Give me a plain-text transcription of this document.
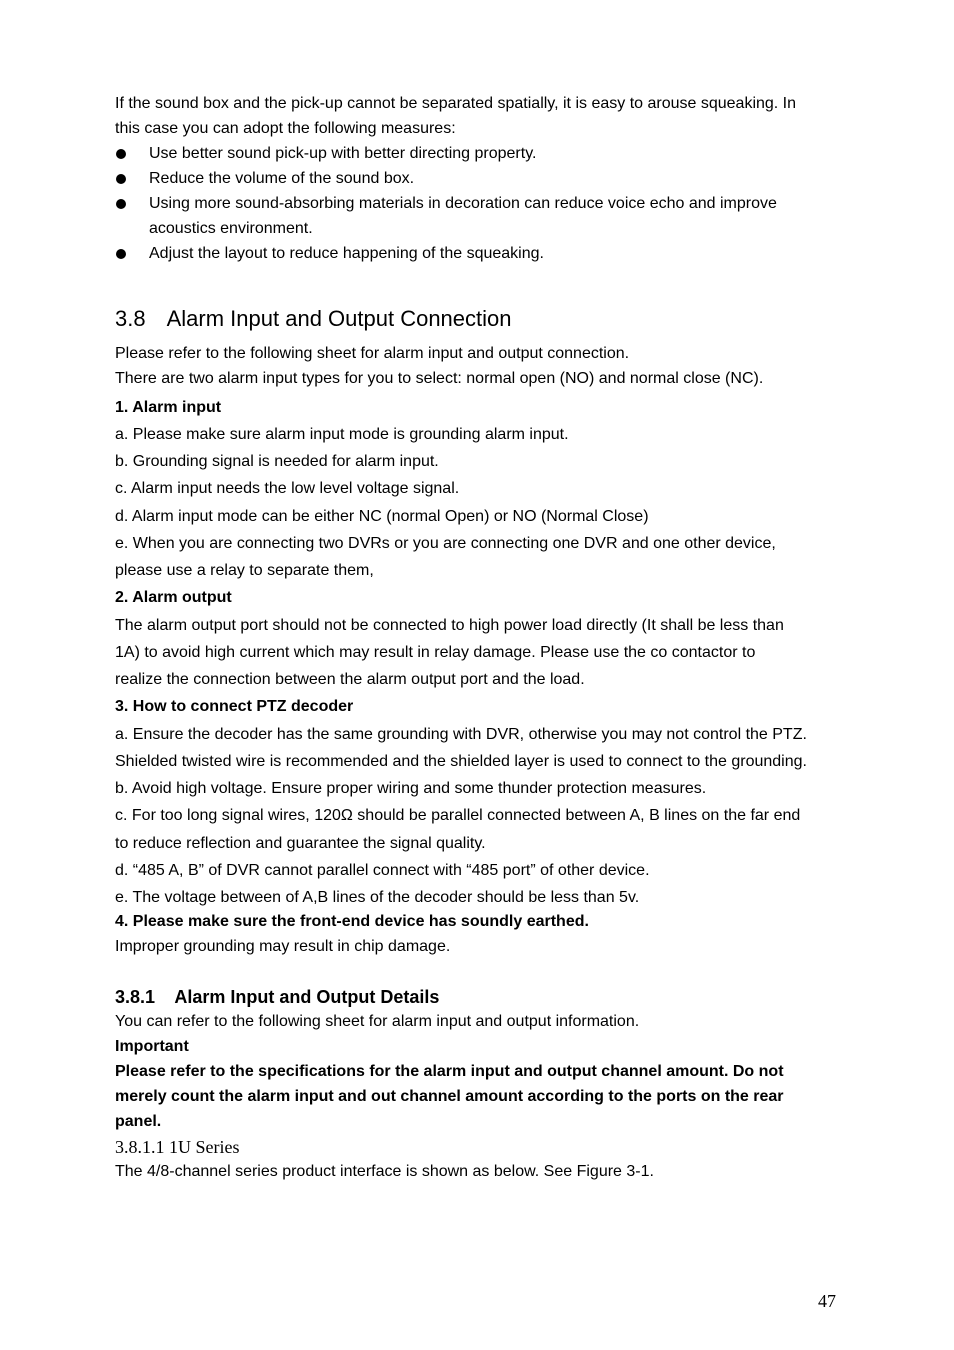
If the sound box and the pick-up cannot be separated spatially, it is easy to arouse squeaking. In
this case you can adopt the following measures:
Use better sound pick-up with better directing property.
Reduce the volume of the sound box.
Using more sound-absorbing materials in decoration can reduce voice echo and improve
acoustics environment.
Adjust the layout to reduce happening of the squeaking.
3.8 Alarm Input and Output Connection
Please refer to the following sheet for alarm input and output connection.
There are two alarm input types for you to select: normal open (NO) and normal close (NC).
1. Alarm input
a. Please make sure alarm input mode is grounding alarm input.
b. Grounding signal is needed for alarm input.
c. Alarm input needs the low level voltage signal.
d. Alarm input mode can be either NC (normal Open) or NO (Normal Close)
e. When you are connecting two DVRs or you are connecting one DVR and one other device,
please use a relay to separate them,
2. Alarm output
The alarm output port should not be connected to high power load directly (It shall be less than
1A) to avoid high current which may result in relay damage. Please use the co contactor to
realize the connection between the alarm output port and the load.
3. How to connect PTZ decoder
a. Ensure the decoder has the same grounding with DVR, otherwise you may not control the PTZ.
Shielded twisted wire is recommended and the shielded layer is used to connect to the grounding.
b. Avoid high voltage. Ensure proper wiring and some thunder protection measures.
c. For too long signal wires, 120Ω should be parallel connected between A, B lines on the far end
to reduce reflection and guarantee the signal quality.
d. “485 A, B” of DVR cannot parallel connect with “485 port” of other device.
e. The voltage between of A,B lines of the decoder should be less than 5v.
4. Please make sure the front-end device has soundly earthed.
Improper grounding may result in chip damage.
3.8.1 Alarm Input and Output Details
You can refer to the following sheet for alarm input and output information.
Important
Please refer to the specifications for the alarm input and output channel amount. Do not
merely count the alarm input and out channel amount according to the ports on the rear
panel.
3.8.1.1 1U Series
The 4/8-channel series product interface is shown as below. See Figure 3-1.
47
